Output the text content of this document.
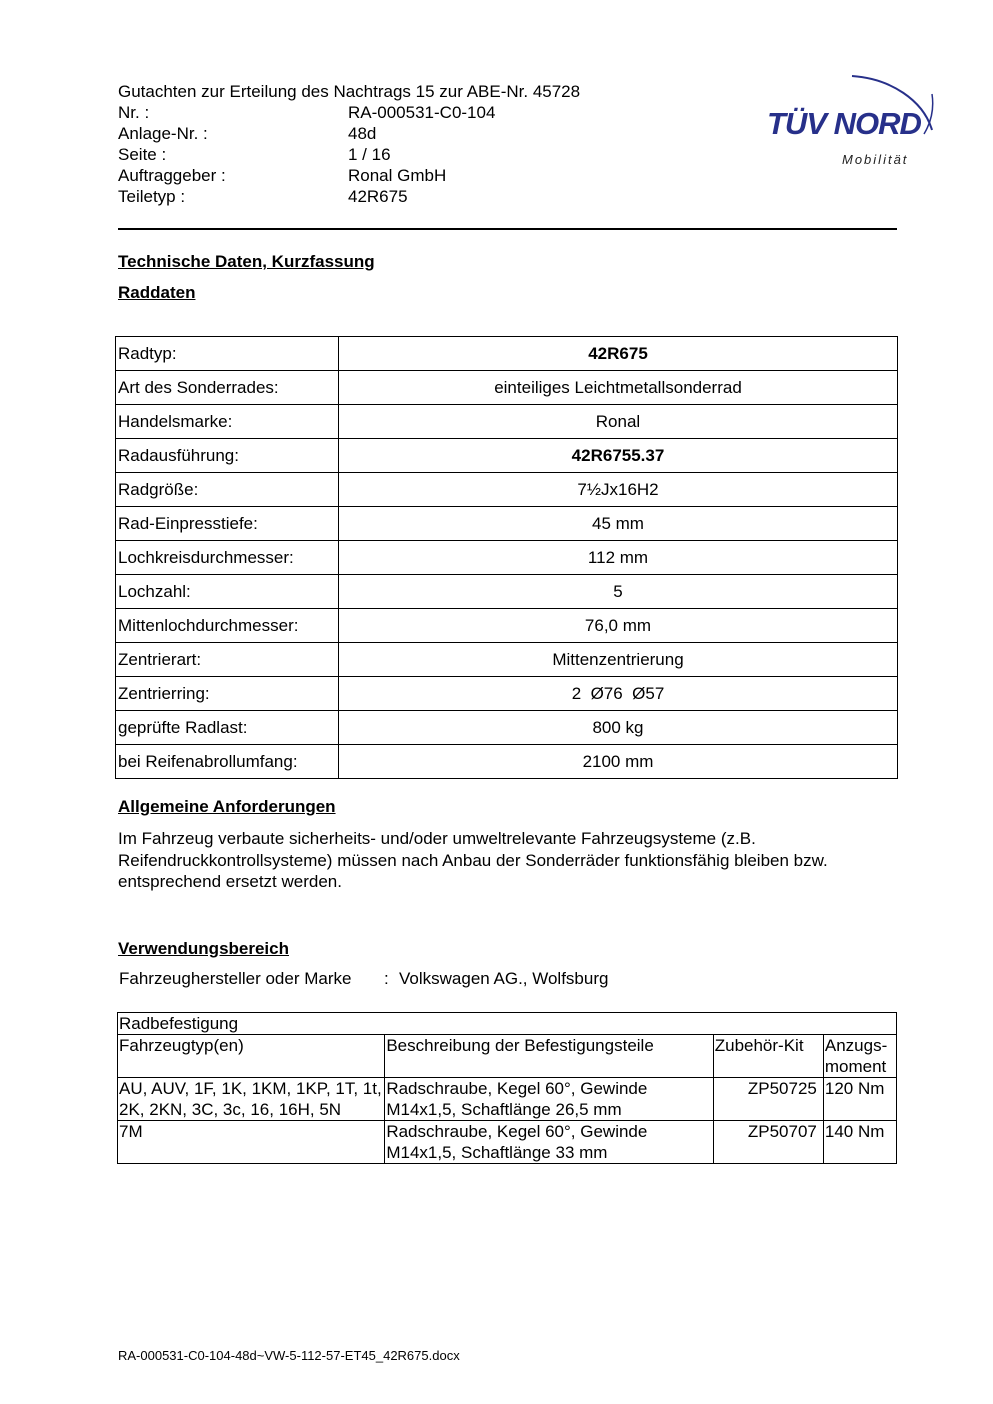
Gutachten zur Erteilung des Nachtrags 15 zur ABE-Nr. 45728
Nr. :	RA-000531-C0-104
Anlage-Nr. :	48d
Seite :	1 / 16
Auftraggeber :	Ronal GmbH
Teiletyp :	42R675
TÜV NORD
Mobilität
Technische Daten, Kurzfassung
Raddaten
Radtyp:	42R675
Art des Sonderrades:	einteiliges Leichtmetallsonderrad
Handelsmarke:	Ronal
Radausführung:	42R6755.37
Radgröße:	7½Jx16H2
Rad-Einpresstiefe:	45 mm
Lochkreisdurchmesser:	112 mm
Lochzahl:	5
Mittenlochdurchmesser:	76,0 mm
Zentrierart:	Mittenzentrierung
Zentrierring:	2  Ø76  Ø57
geprüfte Radlast:	800 kg
bei Reifenabrollumfang:	2100 mm
Allgemeine Anforderungen
Im Fahrzeug verbaute sicherheits- und/oder umweltrelevante Fahrzeugsysteme (z.B. Reifendruckkontrollsysteme) müssen nach Anbau der Sonderräder funktionsfähig bleiben bzw. entsprechend ersetzt werden.
Verwendungsbereich
Fahrzeughersteller oder Marke : Volkswagen AG., Wolfsburg
Radbefestigung			
Fahrzeugtyp(en)	Beschreibung der Befestigungsteile	Zubehör-Kit	Anzugs- moment
AU, AUV, 1F, 1K, 1KM, 1KP, 1T, 1t, 2K, 2KN, 3C, 3c, 16, 16H, 5N	Radschraube, Kegel 60°, Gewinde M14x1,5, Schaftlänge 26,5 mm	ZP50725	120 Nm
7M	Radschraube, Kegel 60°, Gewinde M14x1,5, Schaftlänge 33 mm	ZP50707	140 Nm
RA-000531-C0-104-48d~VW-5-112-57-ET45_42R675.docx
